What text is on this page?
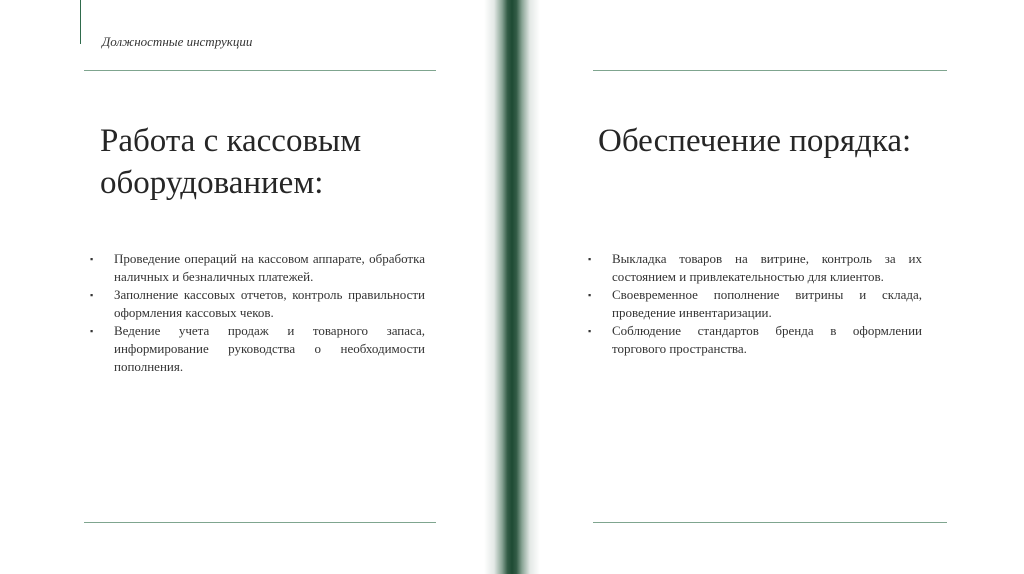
Должностные инструкции
Работа с кассовым оборудованием:
Обеспечение порядка:
▪ Проведение операций на кассовом аппарате, обработка наличных и безналичных платежей.
▪ Заполнение кассовых отчетов, контроль правильности оформления кассовых чеков.
▪ Ведение учета продаж и товарного запаса, информирование руководства о необходимости пополнения.
▪ Выкладка товаров на витрине, контроль за их состоянием и привлекательностью для клиентов.
▪ Своевременное пополнение витрины и склада, проведение инвентаризации.
▪ Соблюдение стандартов бренда в оформлении торгового пространства.
